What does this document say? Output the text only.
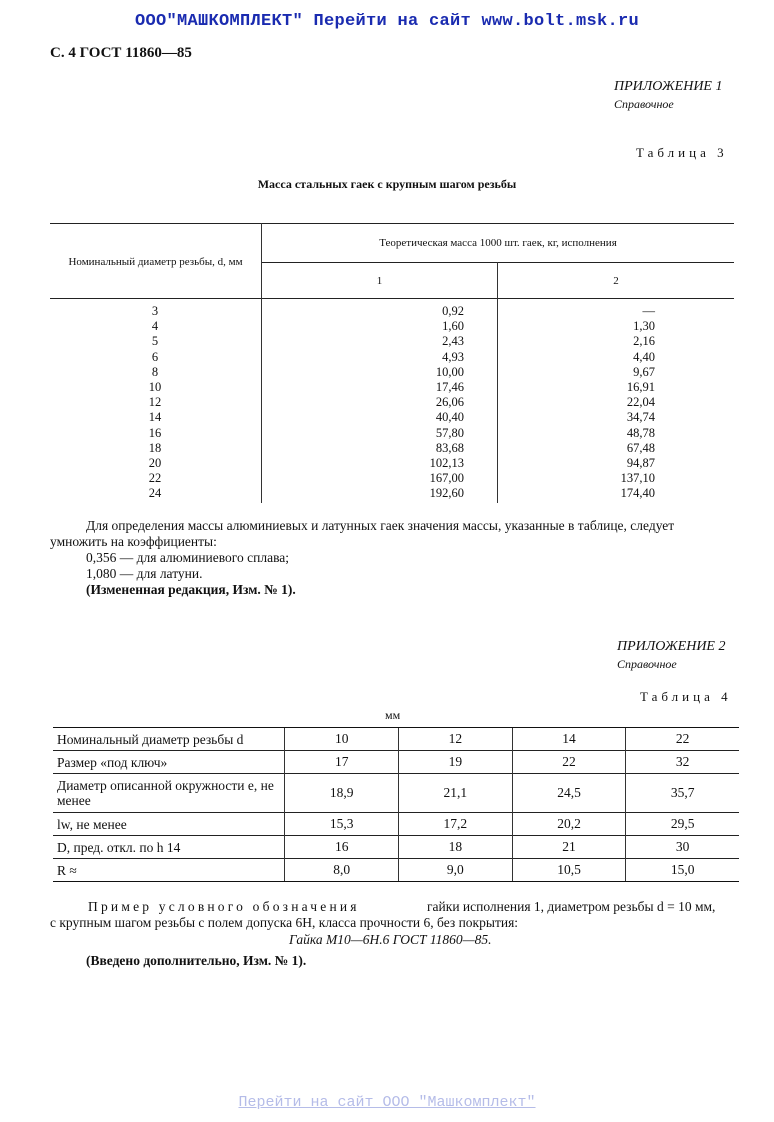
ООО"МАШКОМПЛЕКТ" Перейти на сайт www.bolt.msk.ru
С. 4 ГОСТ 11860—85
ПРИЛОЖЕНИЕ 1
Справочное
Таблица 3
Масса стальных гаек с крупным шагом резьбы
Номинальный диаметр резьбы, d, мм
Теоретическая масса 1000 шт. гаек, кг, исполнения
1	2
3	0,92	—
4	1,60	1,30
5	2,43	2,16
6	4,93	4,40
8	10,00	9,67
10	17,46	16,91
12	26,06	22,04
14	40,40	34,74
16	57,80	48,78
18	83,68	67,48
20	102,13	94,87
22	167,00	137,10
24	192,60	174,40
Для определения массы алюминиевых и латунных гаек значения массы, указанные в таблице, следует
умножить на коэффициенты:
0,356 — для алюминиевого сплава;
1,080 — для латуни.
(Измененная редакция, Изм. № 1).
ПРИЛОЖЕНИЕ 2
Справочное
Таблица 4
мм
Номинальный диаметр резьбы d	10	12	14	22
Размер «под ключ»	17	19	22	32
Диаметр описанной окружности e, не менее	18,9	21,1	24,5	35,7
lw, не менее	15,3	17,2	20,2	29,5
D, пред. откл. по h 14	16	18	21	30
R ≈	8,0	9,0	10,5	15,0
Пример условного обозначения	гайки исполнения 1, диаметром резьбы d = 10 мм,
с крупным шагом резьбы с полем допуска 6H, класса прочности 6, без покрытия:
Гайка М10—6Н.6 ГОСТ 11860—85.
(Введено дополнительно, Изм. № 1).
Перейти на сайт ООО "Машкомплект"
